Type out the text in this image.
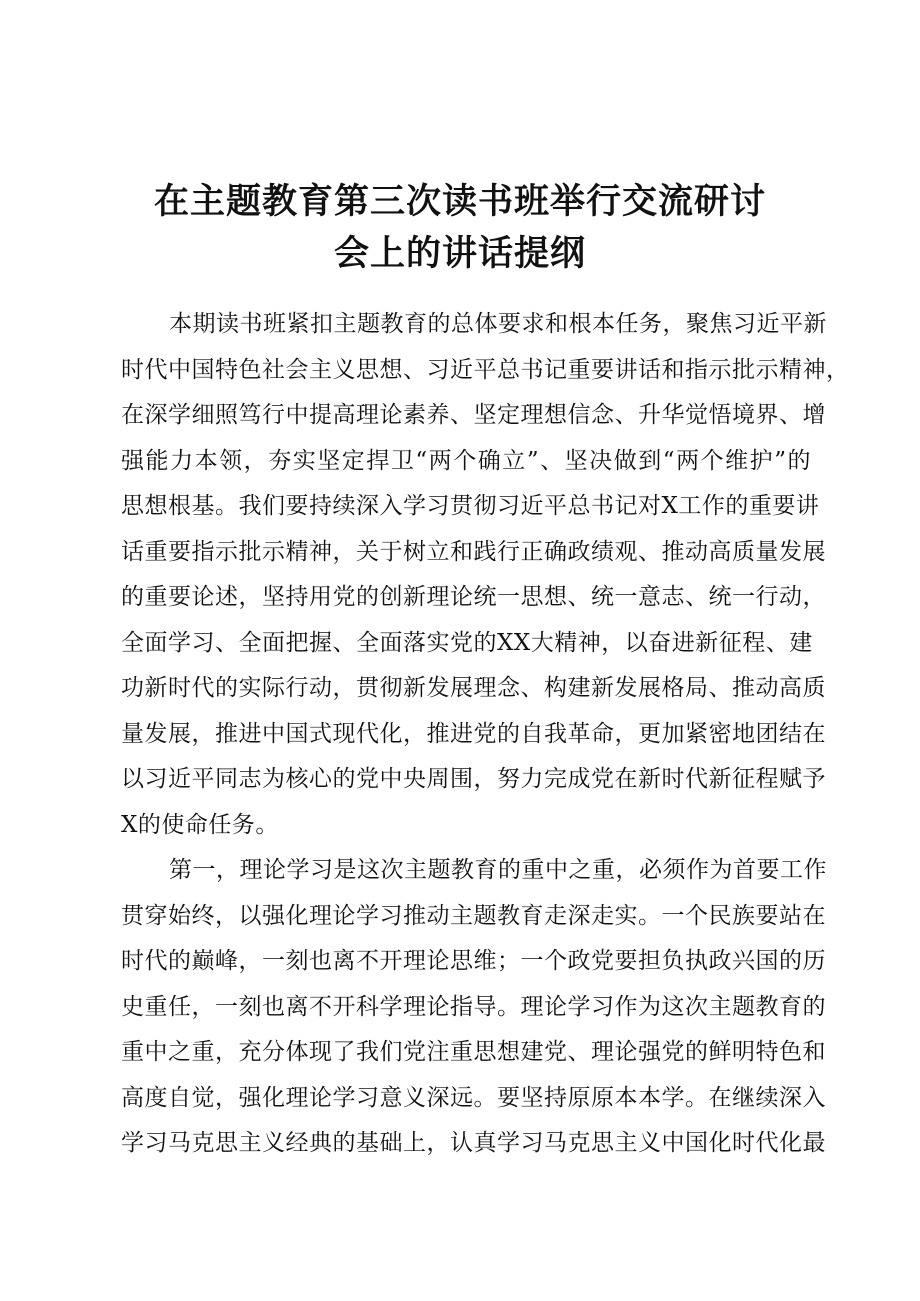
在主题教育第三次读书班举行交流研讨
会上的讲话提纲
本期读书班紧扣主题教育的总体要求和根本任务，聚焦习近平新
时代中国特色社会主义思想、习近平总书记重要讲话和指示批示精神，
在深学细照笃行中提高理论素养、坚定理想信念、升华觉悟境界、增
强能力本领，夯实坚定捍卫“两个确立”、坚决做到“两个维护”的
思想根基。我们要持续深入学习贯彻习近平总书记对X工作的重要讲
话重要指示批示精神，关于树立和践行正确政绩观、推动高质量发展
的重要论述，坚持用党的创新理论统一思想、统一意志、统一行动，
全面学习、全面把握、全面落实党的XX大精神，以奋进新征程、建
功新时代的实际行动，贯彻新发展理念、构建新发展格局、推动高质
量发展，推进中国式现代化，推进党的自我革命，更加紧密地团结在
以习近平同志为核心的党中央周围，努力完成党在新时代新征程赋予
X的使命任务。
第一，理论学习是这次主题教育的重中之重，必须作为首要工作
贯穿始终，以强化理论学习推动主题教育走深走实。一个民族要站在
时代的巅峰，一刻也离不开理论思维；一个政党要担负执政兴国的历
史重任，一刻也离不开科学理论指导。理论学习作为这次主题教育的
重中之重，充分体现了我们党注重思想建党、理论强党的鲜明特色和
高度自觉，强化理论学习意义深远。要坚持原原本本学。在继续深入
学习马克思主义经典的基础上，认真学习马克思主义中国化时代化最
